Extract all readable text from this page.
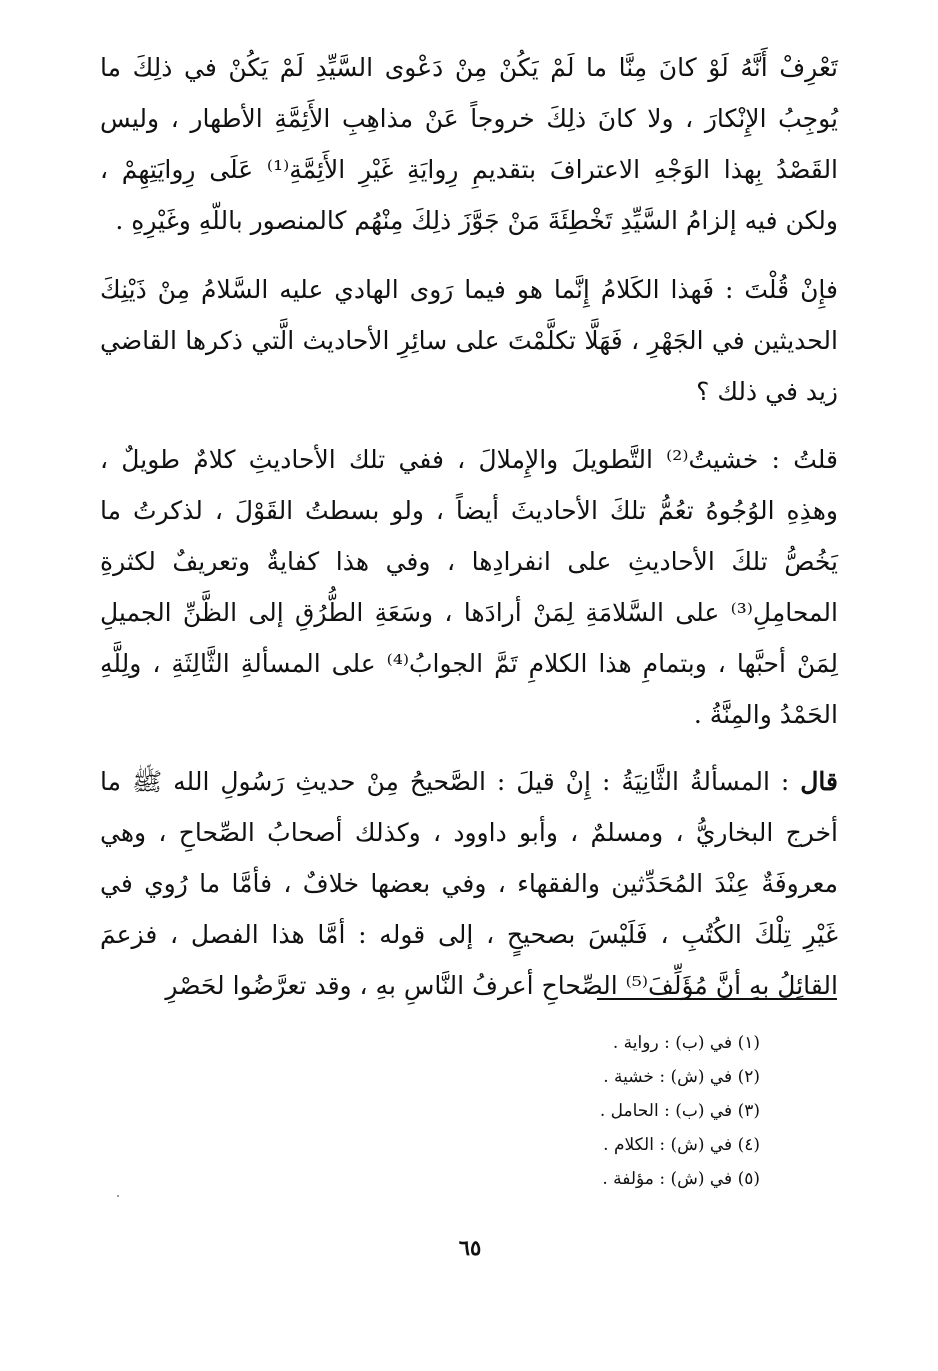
تَعْرِفْ أَنَّهُ لَوْ كانَ مِنَّا ما لَمْ يَكُنْ مِنْ دَعْوى السَّيِّدِ لَمْ يَكُنْ في ذلِكَ ما يُوجِبُ الإِنْكارَ ، ولا كانَ ذلِكَ خروجاً عَنْ مذاهِبِ الأَئِمَّةِ الأطهار ، وليس القَصْدُ بِهذا الوَجْهِ الاعترافَ بتقديمِ رِوايَةِ غَيْرِ الأَئِمَّةِ⁽¹⁾ عَلَى رِوايَتِهِمْ ، ولكن فيه إلزامُ السَّيِّدِ تَخْطِئَةَ مَنْ جَوَّزَ ذلِكَ مِنْهُم كالمنصور باللّهِ وغَيْرِهِ .

فإِنْ قُلْتَ : فَهذا الكَلامُ إِنَّما هو فيما رَوى الهادي عليه السَّلامُ مِنْ ذَيْنِكَ الحديثين في الجَهْرِ ، فَهَلَّا تكلَّمْتَ على سائِرِ الأحاديث الَّتي ذكرها القاضي زيد في ذلك ؟

قلتُ : خشيتُ⁽²⁾ التَّطويلَ والإِملالَ ، ففي تلك الأحاديثِ كلامٌ طويلٌ ، وهذِهِ الوُجُوهُ تعُمُّ تلكَ الأحاديثَ أيضاً ، ولو بسطتُ القَوْلَ ، لذكرتُ ما يَخُصُّ تلكَ الأحاديثِ على انفرادِها ، وفي هذا كفايةٌ وتعريفٌ لكثرةِ المحامِلِ⁽³⁾ على السَّلامَةِ لِمَنْ أرادَها ، وسَعَةِ الطُّرُقِ إلى الظَّنِّ الجميلِ لِمَنْ أحبَّها ، وبتمامِ هذا الكلامِ تَمَّ الجوابُ⁽⁴⁾ على المسألةِ الثَّالِثَةِ ، ولِلَّهِ الحَمْدُ والمِنَّةُ .

قال : المسألةُ الثَّانِيَةُ : إِنْ قيلَ : الصَّحيحُ مِنْ حديثِ رَسُولِ الله ﷺ ما أخرج البخاريُّ ، ومسلمٌ ، وأبو داوود ، وكذلك أصحابُ الصِّحاحِ ، وهي معروفَةٌ عِنْدَ المُحَدِّثين والفقهاء ، وفي بعضها خلافٌ ، فأمَّا ما رُوي في غَيْرِ تِلْكَ الكُتُبِ ، فَلَيْسَ بصحيحٍ ، إلى قوله : أمَّا هذا الفصل ، فزعمَ القائِلُ بهِ أنَّ مُؤَلِّفَ⁽⁵⁾ الصِّحاحِ أعرفُ النَّاسِ بهِ ، وقد تعرَّضُوا لحَصْرِ

(١) في (ب) : رواية .
(٢) في (ش) : خشية .
(٣) في (ب) : الحامل .
(٤) في (ش) : الكلام .
(٥) في (ش) : مؤلفة .
٦٥
